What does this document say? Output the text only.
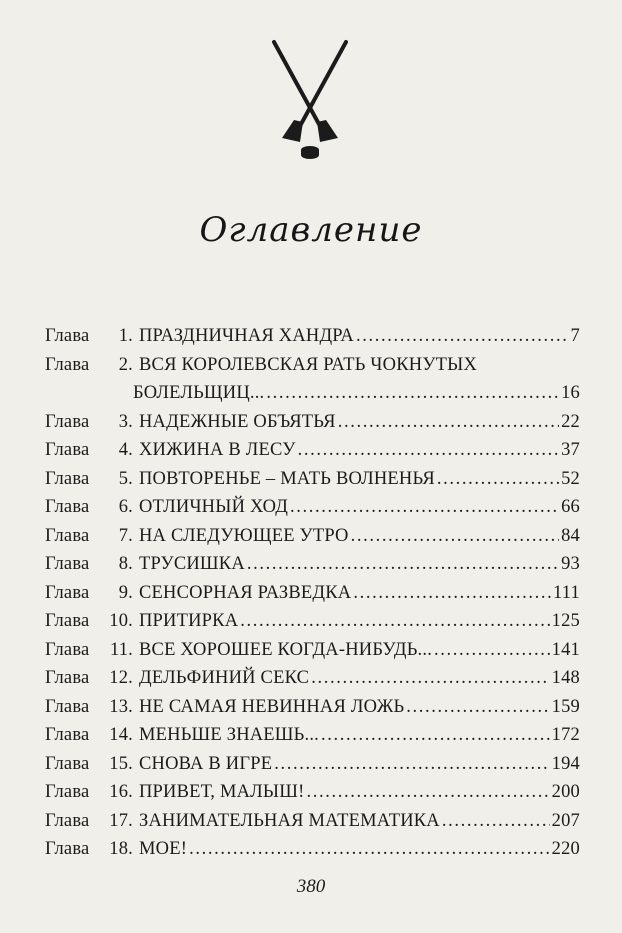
Оглавление
Глава	1. ПРАЗДНИЧНАЯ ХАНДРА . . .	7
Глава	2. ВСЯ КОРОЛЕВСКАЯ РАТЬ ЧОКНУТЫХ
БОЛЕЛЬЩИЦ... . . .	16
Глава	3. НАДЕЖНЫЕ ОБЪЯТЬЯ . . .	22
Глава	4. ХИЖИНА В ЛЕСУ . . .	37
Глава	5. ПОВТОРЕНЬЕ – МАТЬ ВОЛНЕНЬЯ . . .	52
Глава	6. ОТЛИЧНЫЙ ХОД . . .	66
Глава	7. НА СЛЕДУЮЩЕЕ УТРО . . .	84
Глава	8. ТРУСИШКА . . .	93
Глава	9. СЕНСОРНАЯ РАЗВЕДКА . . .	111
Глава	10. ПРИТИРКА . . .	125
Глава	11. ВСЕ ХОРОШЕЕ КОГДА-НИБУДЬ... . . .	141
Глава	12. ДЕЛЬФИНИЙ СЕКС . . .	148
Глава	13. НЕ САМАЯ НЕВИННАЯ ЛОЖЬ . . .	159
Глава	14. МЕНЬШЕ ЗНАЕШЬ... . . .	172
Глава	15. СНОВА В ИГРЕ . . .	194
Глава	16. ПРИВЕТ, МАЛЫШ! . . .	200
Глава	17. ЗАНИМАТЕЛЬНАЯ МАТЕМАТИКА . . .	207
Глава	18. МОЕ! . . .	220
380
